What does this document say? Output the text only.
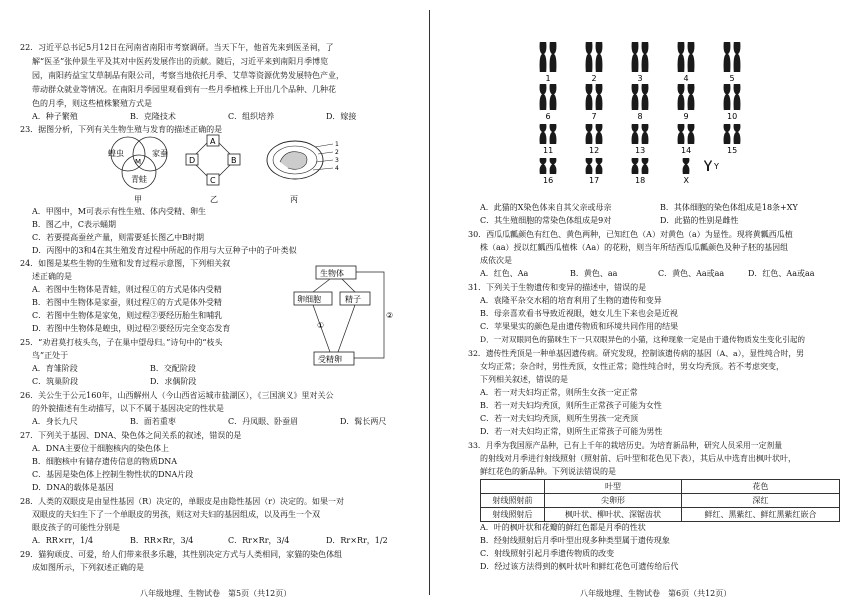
22．习近平总书记5月12日在河南省南阳市考察调研。当天下午，他首先来到医圣祠，了
解“医圣”张仲景生平及其对中医药发展作出的贡献。随后，习近平来到南阳月季博览
园，南阳药益宝艾草制品有限公司，考察当地依托月季、艾草等资源优势发展特色产业，
带动群众就业等情况。在南阳月季园里观看到有一些月季植株上开出几个品种、几种花
色的月季，则这些植株繁殖方式是
A．种子繁殖	B．克隆技术	C．组织培养	D．嫁接
23．据图分析，下列有关生物生殖与发育的描述正确的是
蝗虫	家蚕
M
青蛙
甲
A
D	B
C
乙
1
2
3
4
丙
A．甲图中，M可表示有性生殖、体内受精、卵生
B．图乙中，C表示蛹期
C．若要提高蚕丝产量，则需要延长图乙中B时期
D．丙图中的3和4在其生殖发育过程中所起的作用与大豆种子中的子叶类似
24．如图是某些生物的生殖和发育过程示意图，下列相关叙
述正确的是
A．若图中生物体是青蛙，则过程①的方式是体内受精
B．若图中生物体是家蚕，则过程①的方式是体外受精
C．若图中生物体是家兔，则过程②要经历胎生和哺乳
D．若图中生物体是蝗虫，则过程②要经历完全变态发育
生物体
卵细胞	精子
①
受精卵
②
25．“劝君莫打枝头鸟，子在巢中望母归。”诗句中的“枝头
鸟”正处于
A．育雏阶段	B．交配阶段
C．筑巢阶段	D．求偶阶段
26．关公生于公元160年，山西解州人（今山西省运城市盐湖区），《三国演义》里对关公
的外貌描述有生动描写，以下不属于基因决定的性状是
A．身长九尺	B．面若重枣	C．丹凤眼、卧蚕眉	D．髯长两尺
27．下列关于基因、DNA、染色体之间关系的叙述，错误的是
A．DNA主要位于细胞核内的染色体上
B．细胞核中有储存遗传信息的物质DNA
C．基因是染色体上控制生物性状的DNA片段
D．DNA的载体是基因
28．人类的双眼皮是由显性基因（R）决定的，单眼皮是由隐性基因（r）决定的。如果一对
双眼皮的夫妇生下了一个单眼皮的男孩，则这对夫妇的基因组成，以及再生一个双
眼皮孩子的可能性分别是
A．RR×rr，1/4	B．RR×Rr，3/4	C．Rr×Rr，3/4	D．Rr×Rr，1/2
29．猫狗顽皮、可爱，给人们带来很多乐趣，其性别决定方式与人类相同，家猫的染色体组
成如图所示，下列叙述正确的是
八年级地理、生物试卷　第5页（共12页）
1	2	3	4	5
6	7	8	9	10
11	12	13	14	15
16	17	18
Y
X
A．此猫的X染色体来自其父亲或母亲	B．其体细胞的染色体组成是18条+XY
C．其生殖细胞的常染色体组成是9对	D．此猫的性别是雌性
30．西瓜瓜瓤颜色有红色、黄色两种，已知红色（A）对黄色（a）为显性。现将黄瓤西瓜植
株（aa）授以红瓤西瓜植株（Aa）的花粉，则当年所结西瓜瓜瓤颜色及种子胚的基因组
成依次是
A．红色、Aa	B．黄色、aa	C．黄色、Aa或aa	D．红色、Aa或aa
31．下列关于生物遗传和变异的描述中，错误的是
A．袁隆平杂交水稻的培育利用了生物的遗传和变异
B．母亲喜欢看书导致近视眼，她女儿生下来也会是近视
C．苹果果实的颜色是由遗传物质和环境共同作用的结果
D．一对双眼同色的猫咪生下一只双眼异色的小猫，这种现象一定是由于遗传物质发生变化引起的
32．遗传性秃顶是一种单基因遗传病。研究发现，控制该遗传病的基因（A、a），显性纯合时，男
女均正常；杂合时，男性秃顶，女性正常；隐性纯合时，男女均秃顶。若不考虑突变，
下列相关叙述，错误的是
A．若一对夫妇均正常，则所生女孩一定正常
B．若一对夫妇均秃顶，则所生正常孩子可能为女性
C．若一对夫妇均秃顶，则所生男孩一定秃顶
D．若一对夫妇均正常，则所生正常孩子可能为男性
33．月季为我国原产品种，已有上千年的栽培历史。为培育新品种，研究人员采用一定剂量
的射线对月季进行射线照射（照射前、后叶型和花色见下表），其后从中选育出枫叶状叶，
鲜红花色的新品种。下列说法错误的是
	叶型	花色
射线照射前	尖卵形	深红
射线照射后	枫叶状、柳叶状、深锯齿状	鲜红、黑紫红、鲜红黑紫红嵌合
A．叶的枫叶状和花瓣的鲜红色都是月季的性状
B．经射线照射后月季叶型出现多种类型属于遗传现象
C．射线照射引起月季遗传物质的改变
D．经过该方法得到的枫叶状叶和鲜红花色可遗传给后代
八年级地理、生物试卷　第6页（共12页）
